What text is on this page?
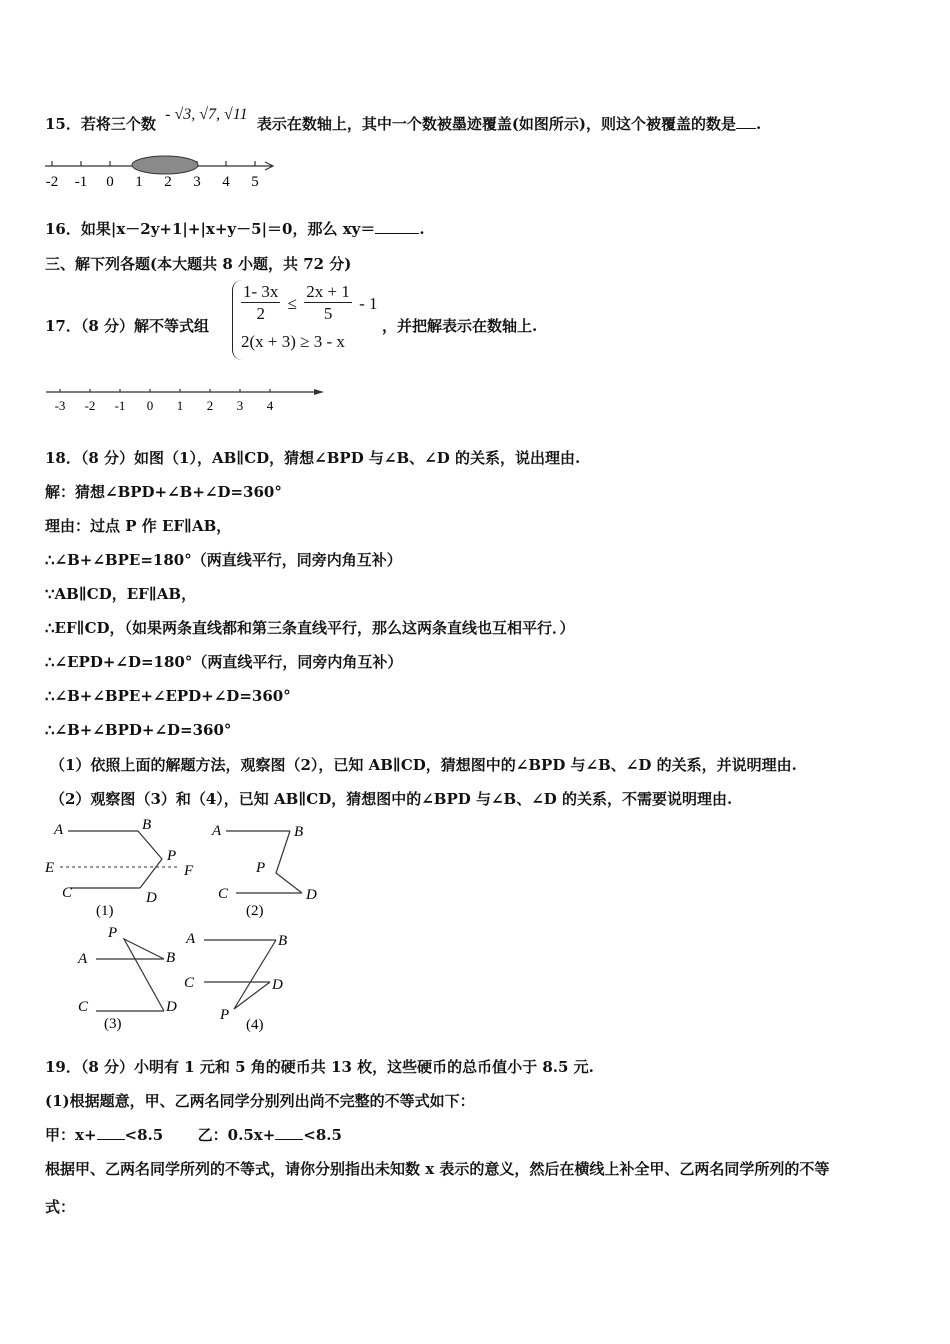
15．若将三个数 - √3, √7, √11 表示在数轴上，其中一个数被墨迹覆盖(如图所示)，则这个被覆盖的数是 .
-2 -1 0 1 2 3 4 5
16．如果|x－2y+1|+|x+y－5|＝0，那么 xy＝	.
三、解下列各题(本大题共 8 小题，共 72 分)
17．（8 分）解不等式组
$\frac{1- 3x}{2} \le \frac{2x + 1}{5} - 1$
2(x + 3) ≥ 3 - x
，并把解表示在数轴上.
-3 -2 -1 0 1 2 3 4
18．（8 分）如图（1），AB∥CD，猜想∠BPD 与∠B、∠D 的关系，说出理由.
解：猜想∠BPD+∠B+∠D=360°
理由：过点 P 作 EF∥AB，
∴∠B+∠BPE=180°（两直线平行，同旁内角互补）
∵AB∥CD，EF∥AB，
∴EF∥CD，（如果两条直线都和第三条直线平行，那么这两条直线也互相平行．）
∴∠EPD+∠D=180°（两直线平行，同旁内角互补）
∴∠B+∠BPE+∠EPD+∠D=360°
∴∠B+∠BPD+∠D=360°
（1）依照上面的解题方法，观察图（2），已知 AB∥CD，猜想图中的∠BPD 与∠B、∠D 的关系，并说明理由.
（2）观察图（3）和（4），已知 AB∥CD，猜想图中的∠BPD 与∠B、∠D 的关系，不需要说明理由.
A	B
E
P
F
C	D
(1)
A	B
P
C	D
(2)
P
A	B
C	D
(3)
A	B
C	D
P
(4)
19．（8 分）小明有 1 元和 5 角的硬币共 13 枚，这些硬币的总币值小于 8.5 元.
(1)根据题意，甲、乙两名同学分别列出尚不完整的不等式如下：
甲：x+ <8.5 乙：0.5x+ <8.5
根据甲、乙两名同学所列的不等式，请你分别指出未知数 x 表示的意义，然后在横线上补全甲、乙两名同学所列的不等
式：
